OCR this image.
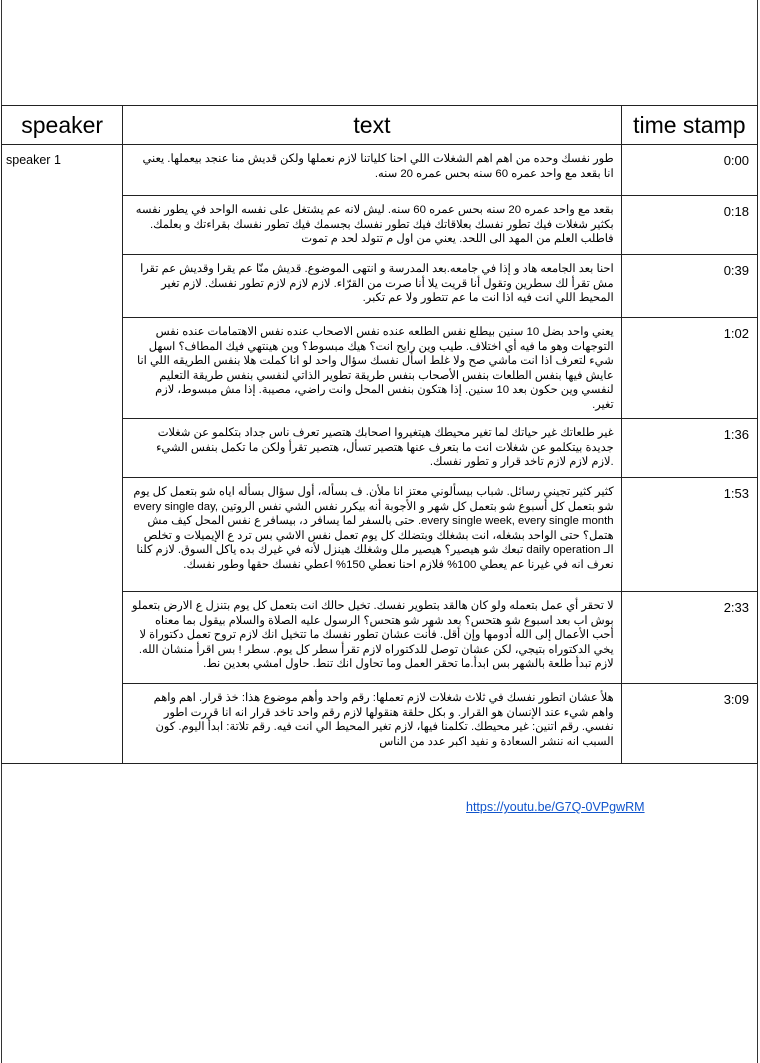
speaker	text	time stamp
speaker 1	طور نفسك وحده من اهم اهم الشغلات اللي احنا كلياتنا لازم نعملها ولكن قديش منا عنجد بيعملها. يعني انا بقعد مع واحد عمره 60 سنه بحس عمره 20 سنه.	0:00
	بقعد مع واحد عمره 20 سنه بحس عمره 60 سنه. ليش لانه عم يشتغل على نفسه الواحد في يطور نفسه بكثير شغلات فيك تطور نفسك بعلاقاتك فيك تطور نفسك بجسمك فيك تطور نفسك بقراءتك و بعلمك. فاطلب العلم من المهد الى اللحد. يعني من اول م تتولد لحد م تموت	0:18
	احنا بعد الجامعه هاد و إذا في جامعه.بعد المدرسة و انتهى الموضوع. قديش منّا عم يقرا وقديش عم تقرا مش تقرأ لك سطرين وتقول أنا قريت يلا أنا صرت من القرّاء. لازم لازم لازم تطور نفسك. لازم تغير المحيط اللي انت فيه اذا انت ما عم تتطور ولا عم تكبر.	0:39
	يعني واحد بضل 10 سنين بيطلع نفس الطلعه عنده نفس الاصحاب عنده نفس الاهتمامات عنده نفس التوجهات وهو ما فيه أي اختلاف. طيب وين رايح انت؟ هيك مبسوط؟ وين هينتهي فيك المطاف؟ اسهل شيء لتعرف اذا انت ماشي صح ولا غلط اسأل نفسك سؤال واحد لو انا كملت هلا بنفس الطريقه اللي انا عايش فيها بنفس الطلعات بنفس الأصحاب بنفس طريقة تطوير الذاتي لنفسي بنفس طريقة التعليم لنفسي وين حكون بعد 10 سنين. إذا هتكون بنفس المحل وانت راضي، مصيبة. إذا مش مبسوط، لازم تغير.	1:02
	غير طلعاتك غير حياتك لما تغير محيطك هيتغيروا اصحابك هتصير تعرف ناس جداد بتكلمو عن شغلات جديدة بيتكلمو عن شغلات انت ما بتعرف عنها هتصير تسأل، هتصير تقرأ ولكن ما تكمل بنفس الشيء .لازم لازم لازم تاخد قرار و تطور نفسك.	1:36
	كثير كثير تجيني رسائل. شباب بيسألوني معتز انا ملأن. ف بسأله، أول سؤال بسأله اياه شو بتعمل كل يوم شو بتعمل كل أسبوع شو بتعمل كل شهر و الأجوبة أنه بيكرر نفس الشي نفس الروتين every single day, every single week, every single month. حتى بالسفر لما يسافر د، بيسافر ع نفس المحل كيف مش هتمل؟ حتى الواحد بشغله، انت بشغلك وبتضلك كل يوم تعمل نفس الاشي بس ترد ع الإيميلات و تخلص الـ daily operation تبعك شو هيصير؟ هيصير ملل وشغلك هينزل لأنه في غيرك بده ياكل السوق. لازم كلنا نعرف انه في غيرنا عم يعطي 100% فلازم احنا نعطي 150% اعطي نفسك حقها وطور نفسك.	1:53
	لا تحقر أي عمل بتعمله ولو كان هالقد بتطوير نفسك. تخيل حالك انت بتعمل كل يوم بتنزل ع الارض بتعملو بوش اب بعد اسبوع شو هتحس؟ بعد شهر شو هتحس؟ الرسول عليه الصلاة والسلام بيقول بما معناه أحب الأعمال إلى الله أدومها وإن أقل. فأنت عشان تطور نفسك ما تتخيل انك لازم تروح تعمل دكتوراة لا يخي الدكتوراه بتيجي، لكن عشان توصل للدكتوراه لازم تقرأ سطر كل يوم. سطر ! بس اقرأ منشان الله. لازم تبدأ طلعة بالشهر بس ابدأ.ما تحقر العمل وما تحاول انك تنط. حاول امشي بعدين نط.	2:33
	هلأ عشان اتطور نفسك في ثلاث شغلات لازم تعملها: رقم واحد وأهم موضوع هذا: خذ قرار. اهم واهم واهم شيء عند الإنسان هو القرار. و بكل حلقة هنقولها لازم رقم واحد تاخد قرار انه انا قررت اطور نفسي. رقم اتنين: غير محيطك. تكلمنا فيها، لازم تغير المحيط الي انت فيه. رقم تلاتة: ابدأ اليوم. كون السبب انه ننشر السعادة و نفيد اكبر عدد من الناس	3:09
https://youtu.be/G7Q-0VPgwRM
